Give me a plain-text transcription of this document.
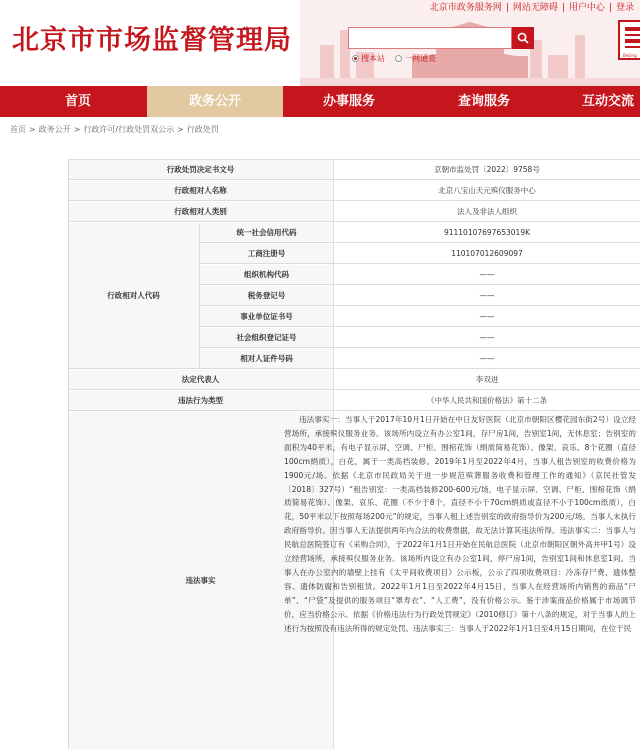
北京市市场监督管理局
北京市政务服务网 | 网站无障碍 | 用户中心 | 登录
搜本站 一网通查	Beijing
首页	政务公开	办事服务	查询服务	互动交流
首页 > 政务公开 > 行政许可/行政处罚双公示 > 行政处罚
行政处罚决定书文号	京朝市监处罚〔2022〕9758号
行政相对人名称	北京八宝山天元殡仪服务中心
行政相对人类别	法人及非法人组织
行政相对人代码
统一社会信用代码	91110107697653019K
工商注册号	110107012609097
组织机构代码	——
税务登记号	——
事业单位证书号	——
社会组织登记证号	——
相对人证件号码	——
法定代表人	李双进
违法行为类型	《中华人民共和国价格法》第十二条
违法事实
违法事实一：当事人于2017年10月1日开始在中日友好医院（北京市朝阳区樱花园东街2号）设立经营场所，承接殡仪服务业务。该场所内设立有办公室1间，存尸房1间，告别室1间，无休息室；告别室的面积为40平米，有电子显示屏、空调、尸柜、围棺花饰（绢质简易花饰）、像架、哀乐、8个花圈（直径100cm绢质），白花，属于一类高档装修。2019年1月至2022年4月，当事人租告别室的收费价格为1900元/场。依据《北京市民政局关于进一步规范殡葬服务收费和管理工作的通知》（京民社管发〔2018〕327号）“租告别室：一类高档装修200-600元/场，电子显示屏、空调、尸柜、围棺花饰（绢质简易花饰）、像架、哀乐、花圈（不少于8个，直径不小于70cm绢质或直径不小于100cm纸质），白花，50平米以下按照每场200元”的规定，当事人租上述告别室的政府指导价为200元/场。当事人未执行政府指导价。因当事人无法提供两年内合法的收费票据，故无法计算其违法所得。违法事实二：当事人与民航总医院签订有《采购合同》，于2022年1月1日开始在民航总医院（北京市朝阳区朝外高井甲1号）设立经营场所，承接殡仪服务业务。该场所内设立有办公室1间，停尸房1间，告别室1间和休息室1间。当事人在办公室内的墙壁上挂有《太平间收费项目》公示板，公示了四项收费项目：冷冻存尸费、遗体整容、遗体防腐和告别租赁。2022年1月1日至2022年4月15日，当事人在经营场所内销售的商品“尸单”、“尸袋”及提供的服务项目“罩寿衣”、“人工费”，没有价格公示。鉴于涉案商品价格属于市场调节价，应当价格公示。依据《价格违法行为行政处罚规定》（2010修订）第十八条的规定，对于当事人的上述行为按照没有违法所得的规定处罚。违法事实三：当事人于2022年1月1日至4月15日期间，在位于民
